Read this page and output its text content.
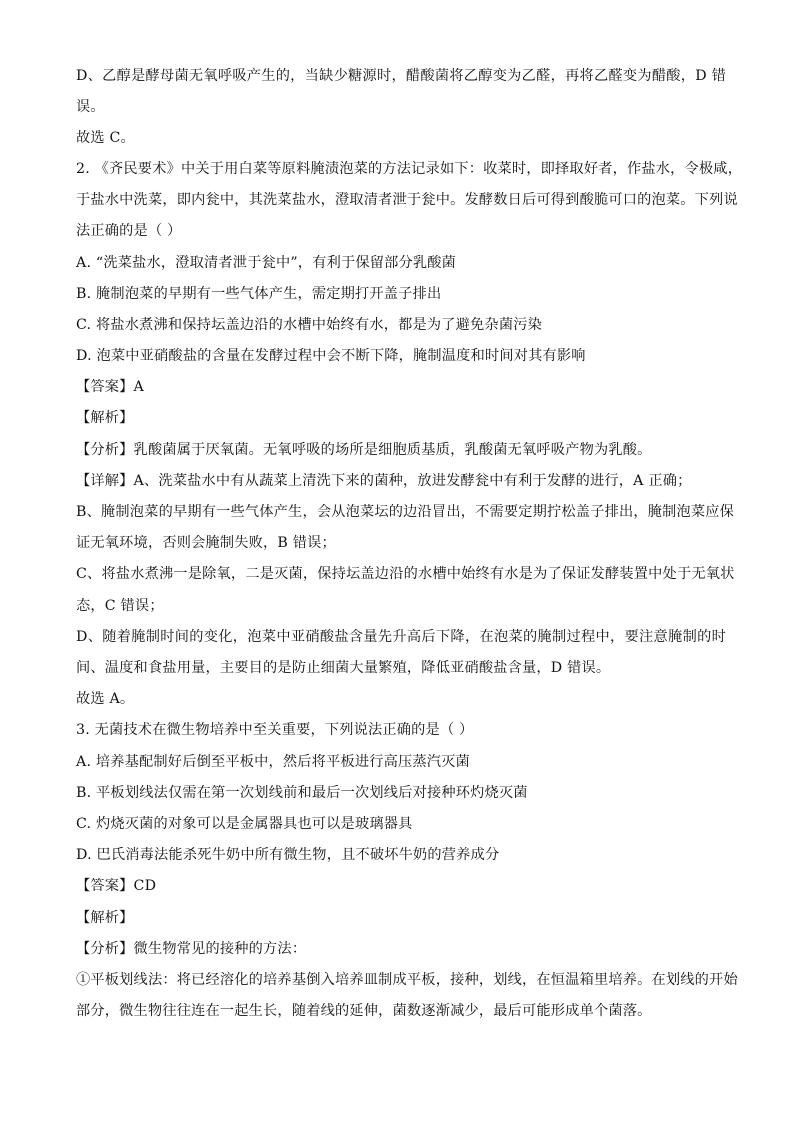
D、乙醇是酵母菌无氧呼吸产生的，当缺少糖源时，醋酸菌将乙醇变为乙醛，再将乙醛变为醋酸，D 错
误。
故选 C。
2. 《齐民要术》中关于用白菜等原料腌渍泡菜的方法记录如下：收菜时，即择取好者，作盐水，令极咸，
于盐水中洗菜，即内瓮中，其洗菜盐水，澄取清者泄于瓮中。发酵数日后可得到酸脆可口的泡菜。下列说
法正确的是（ ）
A. “洗菜盐水，澄取清者泄于瓮中”，有利于保留部分乳酸菌
B. 腌制泡菜的早期有一些气体产生，需定期打开盖子排出
C. 将盐水煮沸和保持坛盖边沿的水槽中始终有水，都是为了避免杂菌污染
D. 泡菜中亚硝酸盐的含量在发酵过程中会不断下降，腌制温度和时间对其有影响
【答案】A
【解析】
【分析】乳酸菌属于厌氧菌。无氧呼吸的场所是细胞质基质，乳酸菌无氧呼吸产物为乳酸。
【详解】A、洗菜盐水中有从蔬菜上清洗下来的菌种，放进发酵瓮中有利于发酵的进行，A 正确；
B、腌制泡菜的早期有一些气体产生，会从泡菜坛的边沿冒出，不需要定期拧松盖子排出，腌制泡菜应保
证无氧环境，否则会腌制失败，B 错误；
C、将盐水煮沸一是除氧，二是灭菌，保持坛盖边沿的水槽中始终有水是为了保证发酵装置中处于无氧状
态，C 错误；
D、随着腌制时间的变化，泡菜中亚硝酸盐含量先升高后下降，在泡菜的腌制过程中，要注意腌制的时
间、温度和食盐用量，主要目的是防止细菌大量繁殖，降低亚硝酸盐含量，D 错误。
故选 A。
3. 无菌技术在微生物培养中至关重要，下列说法正确的是（ ）
A. 培养基配制好后倒至平板中，然后将平板进行高压蒸汽灭菌
B. 平板划线法仅需在第一次划线前和最后一次划线后对接种环灼烧灭菌
C. 灼烧灭菌的对象可以是金属器具也可以是玻璃器具
D. 巴氏消毒法能杀死牛奶中所有微生物，且不破坏牛奶的营养成分
【答案】CD
【解析】
【分析】微生物常见的接种的方法：
①平板划线法：将已经溶化的培养基倒入培养皿制成平板，接种，划线，在恒温箱里培养。在划线的开始
部分，微生物往往连在一起生长，随着线的延伸，菌数逐渐减少，最后可能形成单个菌落。
